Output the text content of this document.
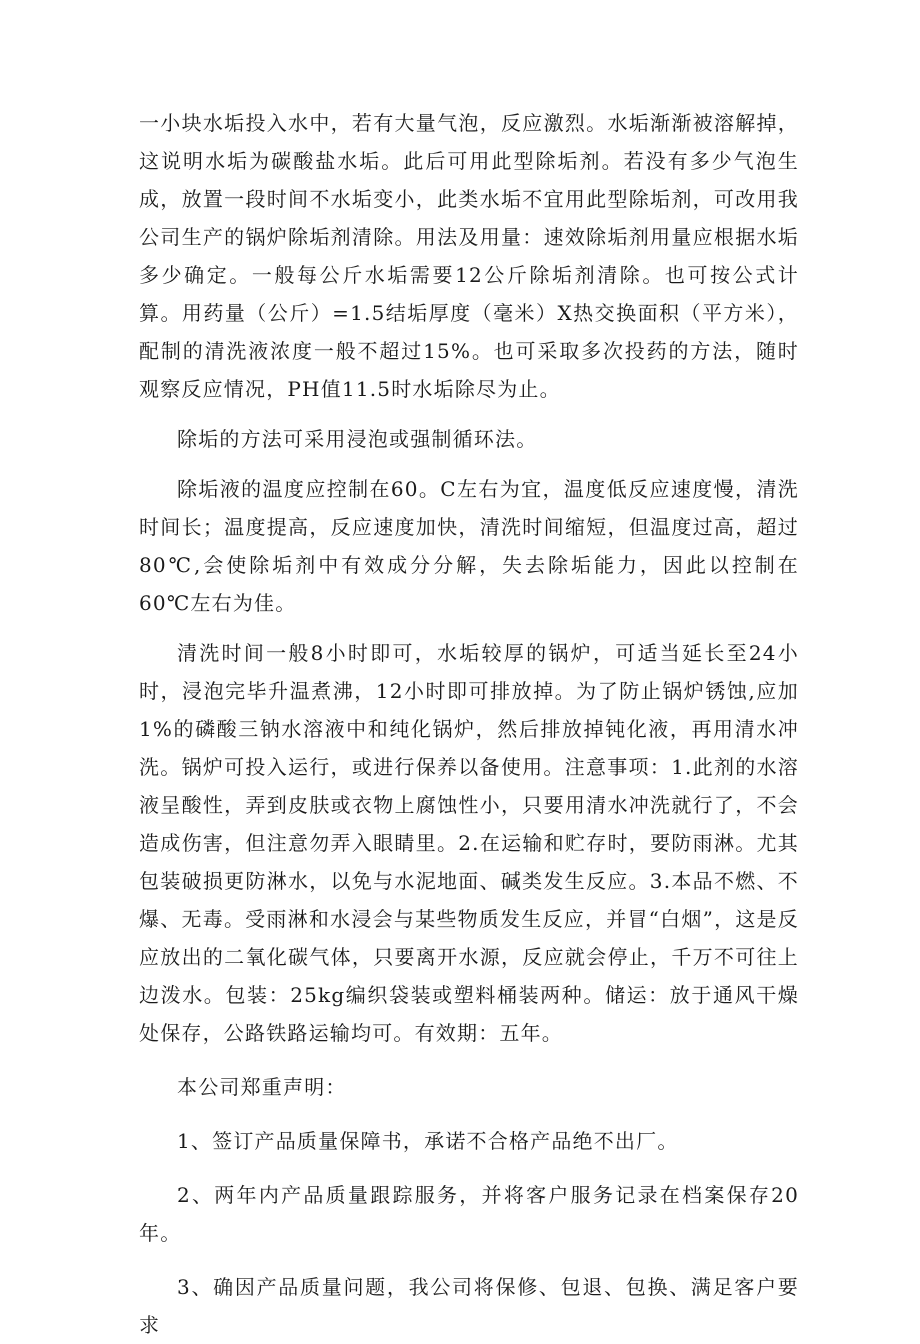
一小块水垢投入水中，若有大量气泡，反应激烈。水垢渐渐被溶解掉，这说明水垢为碳酸盐水垢。此后可用此型除垢剂。若没有多少气泡生成，放置一段时间不水垢变小，此类水垢不宜用此型除垢剂，可改用我公司生产的锅炉除垢剂清除。用法及用量：速效除垢剂用量应根据水垢多少确定。一般每公斤水垢需要12公斤除垢剂清除。也可按公式计算。用药量（公斤）=1.5结垢厚度（毫米）X热交换面积（平方米），配制的清洗液浓度一般不超过15%。也可采取多次投药的方法，随时观察反应情况，PH值11.5时水垢除尽为止。

除垢的方法可采用浸泡或强制循环法。

除垢液的温度应控制在60。C左右为宜，温度低反应速度慢，清洗时间长；温度提高，反应速度加快，清洗时间缩短，但温度过高，超过80℃,会使除垢剂中有效成分分解，失去除垢能力，因此以控制在60℃左右为佳。

清洗时间一般8小时即可，水垢较厚的锅炉，可适当延长至24小时，浸泡完毕升温煮沸，12小时即可排放掉。为了防止锅炉锈蚀,应加1%的磷酸三钠水溶液中和纯化锅炉，然后排放掉钝化液，再用清水冲洗。锅炉可投入运行，或进行保养以备使用。注意事项：1.此剂的水溶液呈酸性，弄到皮肤或衣物上腐蚀性小，只要用清水冲洗就行了，不会造成伤害，但注意勿弄入眼睛里。2.在运输和贮存时，要防雨淋。尤其包装破损更防淋水，以免与水泥地面、碱类发生反应。3.本品不燃、不爆、无毒。受雨淋和水浸会与某些物质发生反应，并冒“白烟”，这是反应放出的二氧化碳气体，只要离开水源，反应就会停止，千万不可往上边泼水。包装：25kg编织袋装或塑料桶装两种。储运：放于通风干燥处保存，公路铁路运输均可。有效期：五年。

本公司郑重声明：

1、签订产品质量保障书，承诺不合格产品绝不出厂。

2、两年内产品质量跟踪服务，并将客户服务记录在档案保存20年。

3、确因产品质量问题，我公司将保修、包退、包换、满足客户要求
